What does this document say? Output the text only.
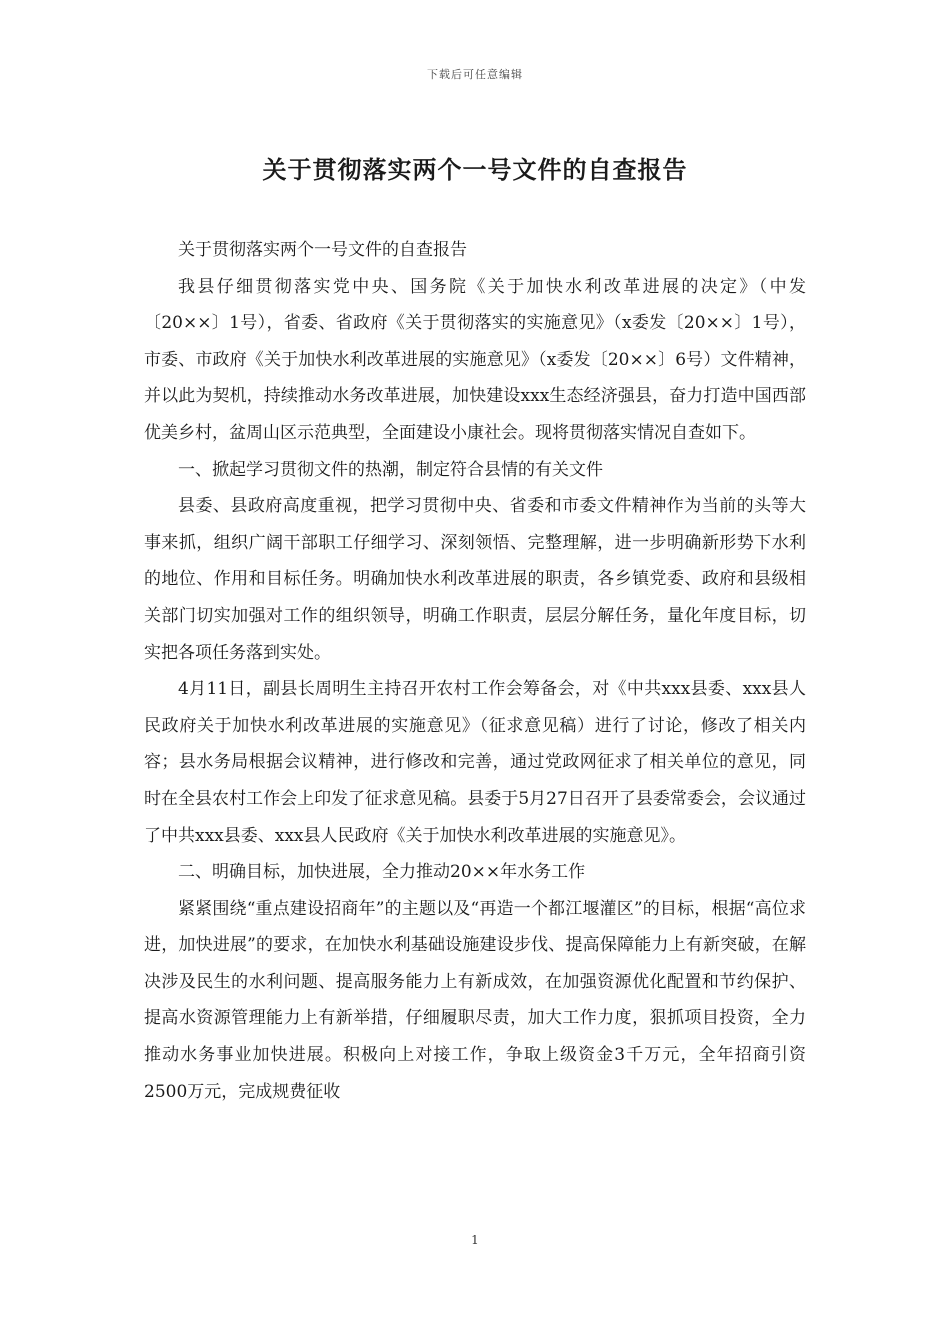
下载后可任意编辑
关于贯彻落实两个一号文件的自查报告

关于贯彻落实两个一号文件的自查报告

我县仔细贯彻落实党中央、国务院《关于加快水利改革进展的决定》（中发〔20××〕1号），省委、省政府《关于贯彻落实的实施意见》（x委发〔20××〕1号），市委、市政府《关于加快水利改革进展的实施意见》（x委发〔20××〕6号）文件精神，并以此为契机，持续推动水务改革进展，加快建设xxx生态经济强县，奋力打造中国西部优美乡村，盆周山区示范典型，全面建设小康社会。现将贯彻落实情况自查如下。

一、掀起学习贯彻文件的热潮，制定符合县情的有关文件

县委、县政府高度重视，把学习贯彻中央、省委和市委文件精神作为当前的头等大事来抓，组织广阔干部职工仔细学习、深刻领悟、完整理解，进一步明确新形势下水利的地位、作用和目标任务。明确加快水利改革进展的职责，各乡镇党委、政府和县级相关部门切实加强对工作的组织领导，明确工作职责，层层分解任务，量化年度目标，切实把各项任务落到实处。

4月11日，副县长周明生主持召开农村工作会筹备会，对《中共xxx县委、xxx县人民政府关于加快水利改革进展的实施意见》（征求意见稿）进行了讨论，修改了相关内容；县水务局根据会议精神，进行修改和完善，通过党政网征求了相关单位的意见，同时在全县农村工作会上印发了征求意见稿。县委于5月27日召开了县委常委会，会议通过了中共xxx县委、xxx县人民政府《关于加快水利改革进展的实施意见》。

二、明确目标，加快进展，全力推动20××年水务工作

紧紧围绕“重点建设招商年”的主题以及“再造一个都江堰灌区”的目标，根据“高位求进，加快进展”的要求，在加快水利基础设施建设步伐、提高保障能力上有新突破，在解决涉及民生的水利问题、提高服务能力上有新成效，在加强资源优化配置和节约保护、提高水资源管理能力上有新举措，仔细履职尽责，加大工作力度，狠抓项目投资，全力推动水务事业加快进展。积极向上对接工作，争取上级资金3千万元，全年招商引资2500万元，完成规费征收

1
